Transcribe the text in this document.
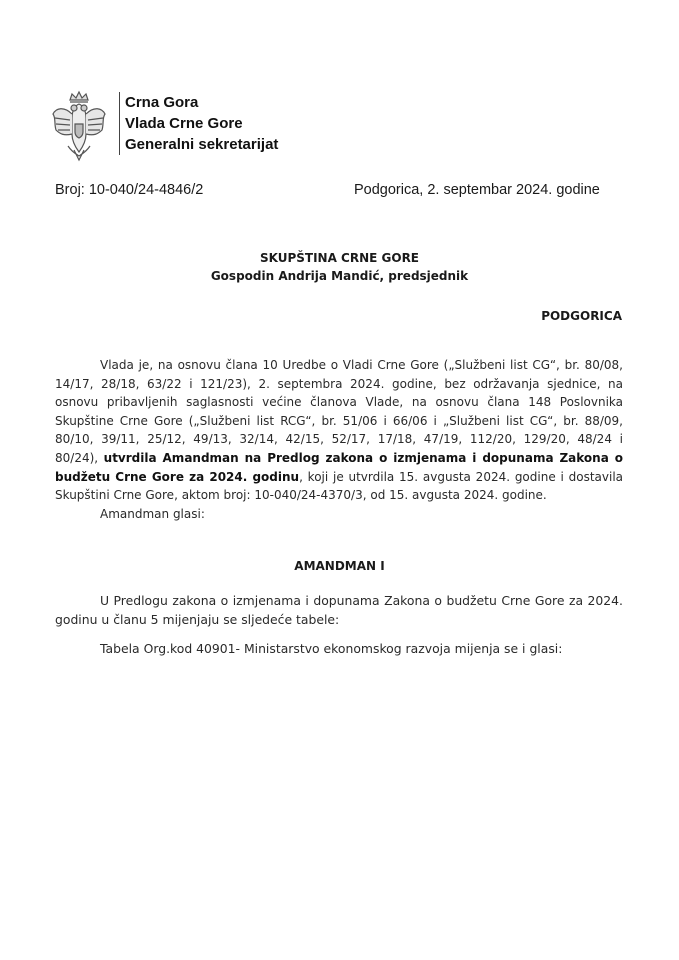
Crna Gora
Vlada Crne Gore
Generalni sekretarijat
Broj: 10-040/24-4846/2	Podgorica, 2. septembar 2024. godine
SKUPŠTINA CRNE GORE
Gospodin Andrija Mandić, predsjednik
PODGORICA

Vlada je, na osnovu člana 10 Uredbe o Vladi Crne Gore („Službeni list CG“, br. 80/08, 14/17, 28/18, 63/22 i 121/23), 2. septembra 2024. godine, bez održavanja sjednice, na osnovu pribavljenih saglasnosti većine članova Vlade, na osnovu člana 148 Poslovnika Skupštine Crne Gore („Službeni list RCG“, br. 51/06 i 66/06 i „Službeni list CG“, br. 88/09, 80/10, 39/11, 25/12, 49/13, 32/14, 42/15, 52/17, 17/18, 47/19, 112/20, 129/20, 48/24 i 80/24), utvrdila Amandman na Predlog zakona o izmjenama i dopunama Zakona o budžetu Crne Gore za 2024. godinu, koji je utvrdila 15. avgusta 2024. godine i dostavila Skupštini Crne Gore, aktom broj: 10-040/24-4370/3, od 15. avgusta 2024. godine.

Amandman glasi:

AMANDMAN I
U Predlogu zakona o izmjenama i dopunama Zakona o budžetu Crne Gore za 2024. godinu u članu 5 mijenjaju se sljedeće tabele:
Tabela Org.kod 40901- Ministarstvo ekonomskog razvoja mijenja se i glasi:
